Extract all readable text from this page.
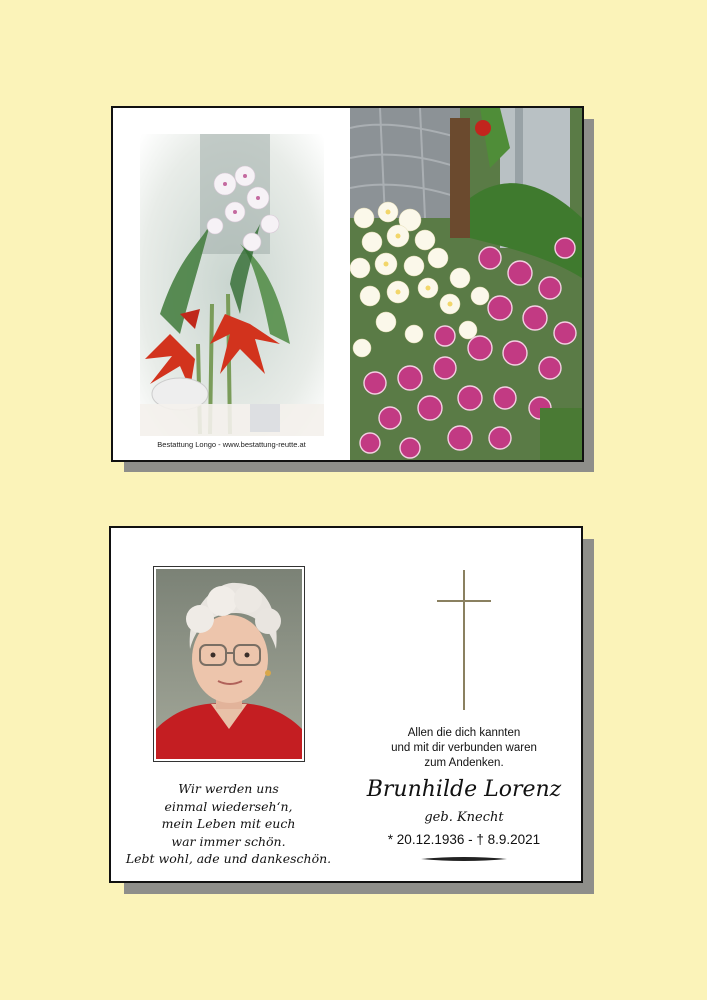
Bestattung Longo - www.bestattung-reutte.at
Wir werden uns
einmal wiederseh‘n,
mein Leben mit euch
war immer schön.
Lebt wohl, ade und dankeschön.
Allen die dich kannten
und mit dir verbunden waren
zum Andenken.
Brunhilde Lorenz
geb. Knecht
* 20.12.1936 - † 8.9.2021
